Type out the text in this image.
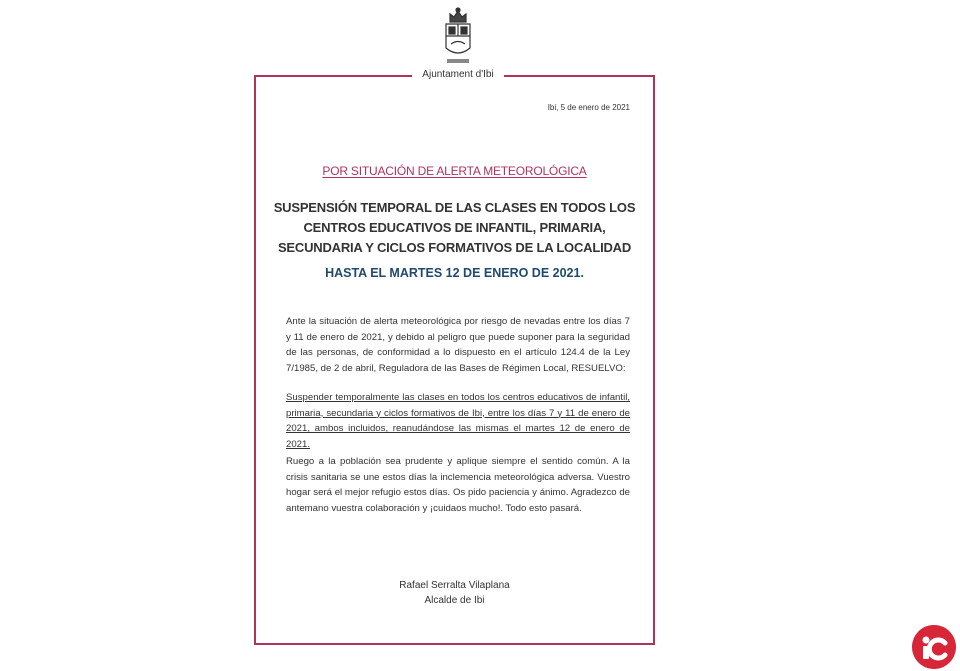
Ajuntament d'Ibi
Ibi, 5 de enero de 2021
POR SITUACIÓN DE ALERTA METEOROLÓGICA
SUSPENSIÓN TEMPORAL DE LAS CLASES EN TODOS LOS CENTROS EDUCATIVOS DE INFANTIL, PRIMARIA, SECUNDARIA Y CICLOS FORMATIVOS DE LA LOCALIDAD
HASTA EL MARTES 12 DE ENERO DE 2021.
Ante la situación de alerta meteorológica por riesgo de nevadas entre los días 7 y 11 de enero de 2021, y debido al peligro que puede suponer para la seguridad de las personas, de conformidad a lo dispuesto en el artículo 124.4 de la Ley 7/1985, de 2 de abril, Reguladora de las Bases de Régimen Local, RESUELVO:
Suspender temporalmente las clases en todos los centros educativos de infantil, primaria, secundaria y ciclos formativos de Ibi, entre los días 7 y 11 de enero de 2021, ambos incluidos, reanudándose las mismas el martes 12 de enero de 2021.
Ruego a la población sea prudente y aplique siempre el sentido común. A la crisis sanitaria se une estos días la inclemencia meteorológica adversa. Vuestro hogar será el mejor refugio estos días. Os pido paciencia y ánimo. Agradezco de antemano vuestra colaboración y ¡cuidaos mucho!. Todo esto pasará.
Rafael Serralta Vilaplana
Alcalde de Ibi
